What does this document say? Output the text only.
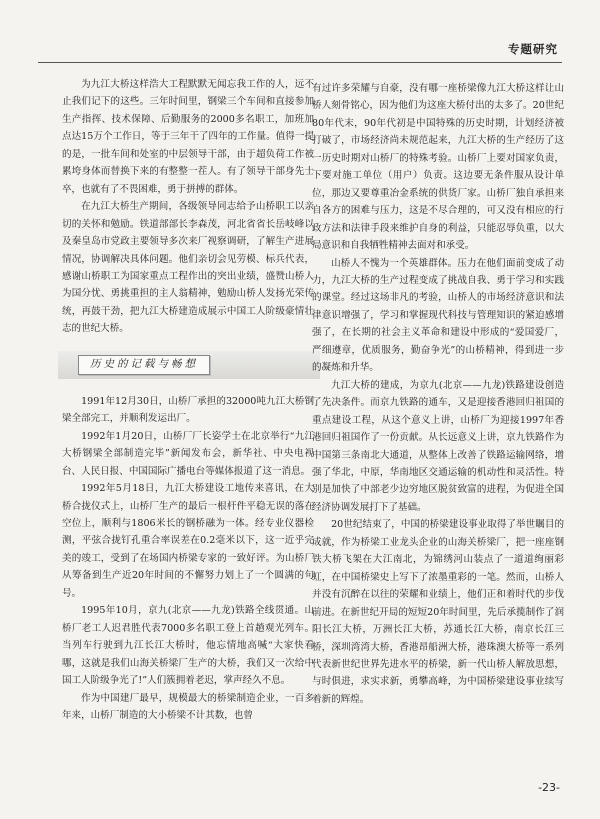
专题研究

为九江大桥这样浩大工程默默无闻忘我工作的人，远不止我们记下的这些。三年时间里，钢梁三个车间和直接参加生产指挥、技术保障、后勤服务的2000多名职工，加班加点达15万个工作日，等于三年干了四年的工作量。值得一提的是，一批车间和处室的中层领导干部，由于超负荷工作被累垮身体而替换下来的有整整一茬人。有了领导干部身先士卒，也就有了不畏困难，勇于拼搏的群体。

在九江大桥生产期间，各级领导同志给予山桥职工以亲切的关怀和勉励。铁道部部长李森茂，河北省省长岳岐峰以及秦皇岛市党政主要领导多次来厂视察调研，了解生产进展情况，协调解决具体问题。他们亲切会见劳模、标兵代表，感谢山桥职工为国家重点工程作出的突出业绩，盛赞山桥人为国分忧、勇挑重担的主人翁精神，勉励山桥人发扬光荣传统，再鼓干劲，把九江大桥建造成展示中国工人阶级豪情壮志的世纪大桥。

历史的记载与畅想

1991年12月30日，山桥厂承担的32000吨九江大桥钢梁全部完工，并顺利发运出厂。

1992年1月20日，山桥厂厂长姿学士在北京举行“九江大桥钢梁全部制造完毕”新闻发布会，新华社、中央电视台、人民日报、中国国际广播电台等媒体报道了这一消息。

1992年5月18日，九江大桥建设工地传来喜讯，在大桥合拢仪式上，山桥厂生产的最后一根杆件平稳无误的落在空位上，顺利与1806米长的钢桥融为一体。经专业仪器检测，平弦合拢钉孔重合率误差在0.2毫米以下，这一近乎完美的竣工，受到了在场国内桥梁专家的一致好评。为山桥厂从筹备到生产近20年时间的不懈努力划上了一个圆满的句号。

1995年10月，京九(北京——九龙)铁路全线贯通。山桥厂老工人迟君胜代表7000多名职工登上首趟观光列车。当列车行驶到九江长江大桥时，他忘情地高喊“大家快看哪，这就是我们山海关桥梁厂生产的大桥，我们又一次给中国工人阶级争光了!”人们簇拥着老迟，掌声经久不息。

作为中国建厂最早，规模最大的桥梁制造企业，一百多年来，山桥厂制造的大小桥梁不计其数，也曾

有过许多荣耀与自豪，没有哪一座桥梁像九江大桥这样让山桥人刻骨铭心，因为他们为这座大桥付出的太多了。20世纪80年代末，90年代初是中国特殊的历史时期，计划经济被打破了，市场经济尚未规范起来，九江大桥的生产经历了这一历史时期对山桥厂的特殊考验。山桥厂上要对国家负责，下要对施工单位（用户）负责。这边要无条件服从设计单位，那边又要尊重冶金系统的供货厂家。山桥厂独自承担来自各方的困难与压力，这是不尽合理的，可又没有相应的行政方法和法律手段来维护自身的利益，只能忍辱负重，以大局意识和自我牺牲精神去面对和承受。

山桥人不愧为一个英雄群体。压力在他们面前变成了动力，九江大桥的生产过程变成了挑战自我、勇于学习和实践的课堂。经过这场非凡的考验，山桥人的市场经济意识和法律意识增强了，学习和掌握现代科技与管理知识的紧迫感增强了，在长期的社会主义革命和建设中形成的“爱国爱厂，严细遵章，优质服务，勤奋争光”的山桥精神，得到进一步的凝炼和升华。

九江大桥的建成，为京九(北京——九龙)铁路建设创造了先决条件。而京九铁路的通车，又是迎接香港回归祖国的重点建设工程，从这个意义上讲，山桥厂为迎接1997年香港回归祖国作了一份贡献。从长远意义上讲，京九铁路作为中国第三条南北大通道，从整体上改善了铁路运输网络，增强了华北，中原，华南地区交通运输的机动性和灵活性。特别是加快了中部老少边穷地区脱贫致富的进程，为促进全国经济协调发展打下了基础。

20世纪结束了，中国的桥梁建设事业取得了举世瞩目的成就，作为桥梁工业龙头企业的山海关桥梁厂，把一座座钢铁大桥飞架在大江南北，为锦绣河山装点了一道道绚丽彩虹，在中国桥梁史上写下了浓墨重彩的一笔。然而，山桥人并没有沉醉在以往的荣耀和业绩上，他们正和着时代的步伐前进。在新世纪开局的短短20年时间里，先后承揽制作了润阳长江大桥，万洲长江大桥，苏通长江大桥，南京长江三桥，深圳湾湾大桥，香港昂船洲大桥，港珠澳大桥等一系列代表新世纪世界先进水平的桥梁，新一代山桥人解放思想，与时俱进，求实求新，勇攀高峰，为中国桥梁建设事业续写着新的辉煌。

-23-
